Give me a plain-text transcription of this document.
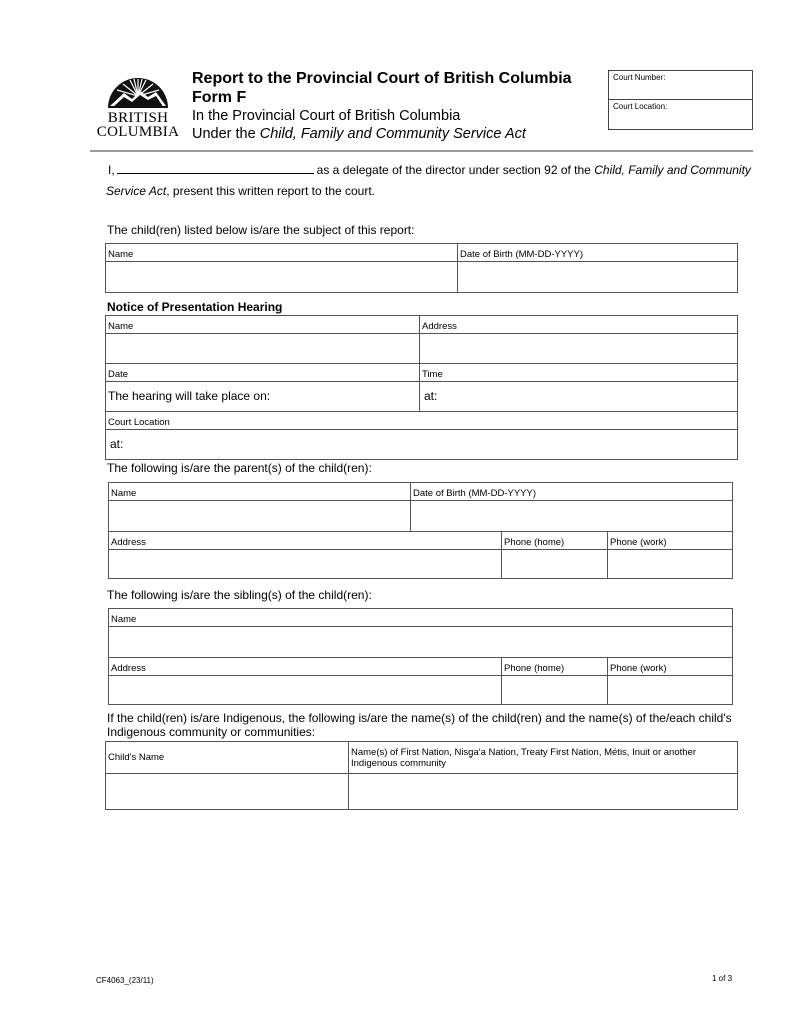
BRITISH
COLUMBIA
Report to the Provincial Court of British Columbia
Form F
In the Provincial Court of British Columbia
Under the Child, Family and Community Service Act
Court Number:
Court Location:
I,	as a delegate of the director under section 92 of the Child, Family and Community
Service Act, present this written report to the court.
The child(ren) listed below is/are the subject of this report:
Name	Date of Birth (MM-DD-YYYY)

Notice of Presentation Hearing
Name	Address

Date	Time
The hearing will take place on:	at:
Court Location	
at:	
The following is/are the parent(s) of the child(ren):
Name	Date of Birth (MM-DD-YYYY)		

Address		Phone (home)	Phone (work)

The following is/are the sibling(s) of the child(ren):
Name		

Address	Phone (home)	Phone (work)

If the child(ren) is/are Indigenous, the following is/are the name(s) of the child(ren) and the name(s) of the/each child's
Indigenous community or communities:
Child's Name	Name(s) of First Nation, Nisg̱a'a Nation, Treaty First Nation, Métis, Inuit or another Indigenous community

CF4063_(23/11)	1 of 3
